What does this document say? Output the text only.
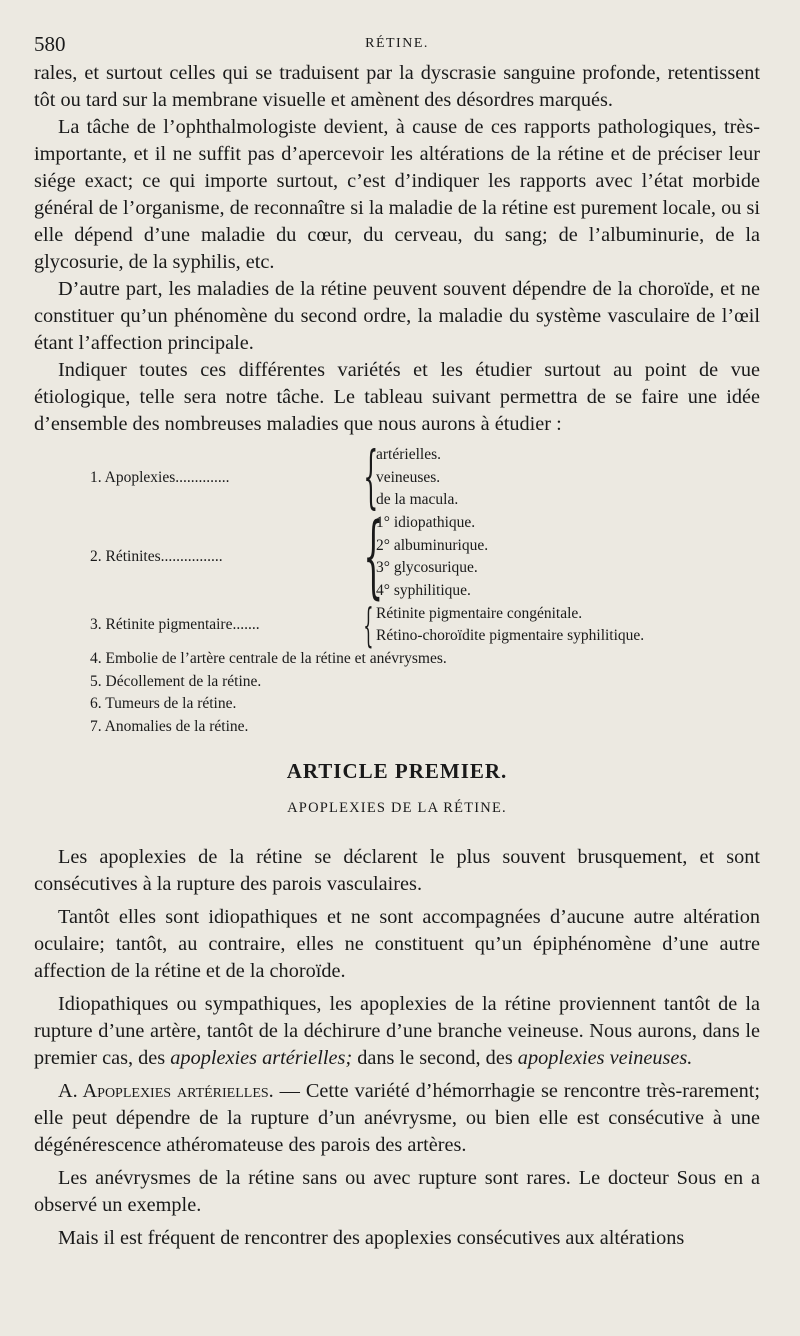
580	RÉTINE.

rales, et surtout celles qui se traduisent par la dyscrasie sanguine profonde, retentissent tôt ou tard sur la membrane visuelle et amènent des désordres marqués.

La tâche de l’ophthalmologiste devient, à cause de ces rapports pathologiques, très-importante, et il ne suffit pas d’apercevoir les altérations de la rétine et de préciser leur siége exact; ce qui importe surtout, c’est d’indiquer les rapports avec l’état morbide général de l’organisme, de reconnaître si la maladie de la rétine est purement locale, ou si elle dépend d’une maladie du cœur, du cerveau, du sang; de l’albuminurie, de la glycosurie, de la syphilis, etc.

D’autre part, les maladies de la rétine peuvent souvent dépendre de la choroïde, et ne constituer qu’un phénomène du second ordre, la maladie du système vasculaire de l’œil étant l’affection principale.

Indiquer toutes ces différentes variétés et les étudier surtout au point de vue étiologique, telle sera notre tâche. Le tableau suivant permettra de se faire une idée d’ensemble des nombreuses maladies que nous aurons à étudier :

1. Apoplexies..............	{
artérielles.
veineuses.
de la macula.
2. Rétinites................	{
1° idiopathique.
2° albuminurique.
3° glycosurique.
4° syphilitique.
3. Rétinite pigmentaire.......	{ Rétinite pigmentaire congénitale.
Rétino-choroïdite pigmentaire syphilitique.
4. Embolie de l’artère centrale de la rétine et anévrysmes.
5. Décollement de la rétine.
6. Tumeurs de la rétine.
7. Anomalies de la rétine.
ARTICLE PREMIER.
APOPLEXIES DE LA RÉTINE.

Les apoplexies de la rétine se déclarent le plus souvent brusquement, et sont consécutives à la rupture des parois vasculaires.

Tantôt elles sont idiopathiques et ne sont accompagnées d’aucune autre altération oculaire; tantôt, au contraire, elles ne constituent qu’un épiphénomène d’une autre affection de la rétine et de la choroïde.

Idiopathiques ou sympathiques, les apoplexies de la rétine proviennent tantôt de la rupture d’une artère, tantôt de la déchirure d’une branche veineuse. Nous aurons, dans le premier cas, des apoplexies artérielles; dans le second, des apoplexies veineuses.

A. Apoplexies artérielles. — Cette variété d’hémorrhagie se rencontre très-rarement; elle peut dépendre de la rupture d’un anévrysme, ou bien elle est consécutive à une dégénérescence athéromateuse des parois des artères.

Les anévrysmes de la rétine sans ou avec rupture sont rares. Le docteur Sous en a observé un exemple.

Mais il est fréquent de rencontrer des apoplexies consécutives aux altérations
